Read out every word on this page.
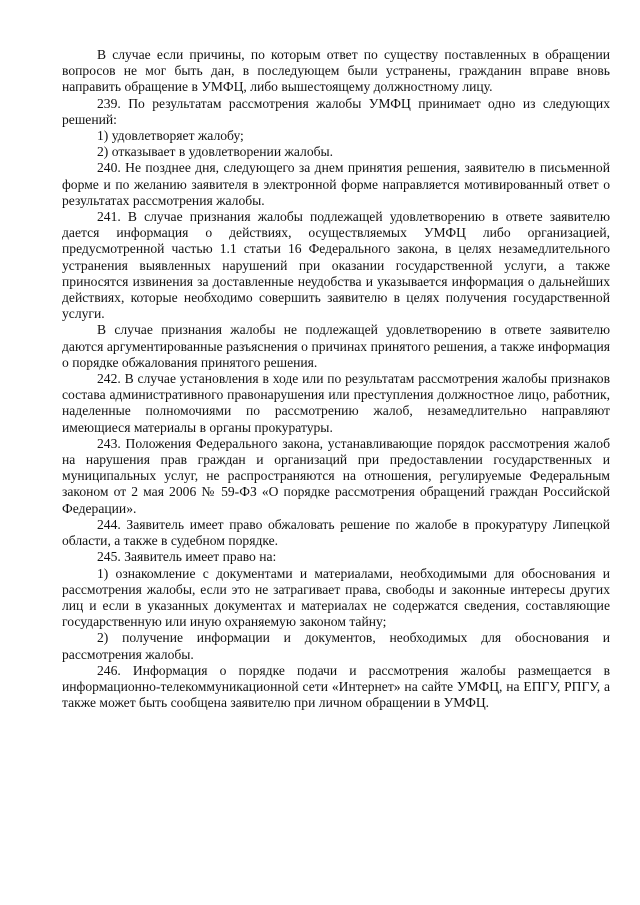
В случае если причины, по которым ответ по существу поставленных в обращении вопросов не мог быть дан, в последующем были устранены, гражданин вправе вновь направить обращение в УМФЦ, либо вышестоящему должностному лицу.

239. По результатам рассмотрения жалобы УМФЦ принимает одно из следующих решений:

1) удовлетворяет жалобу;

2) отказывает в удовлетворении жалобы.

240. Не позднее дня, следующего за днем принятия решения, заявителю в письменной форме и по желанию заявителя в электронной форме направляется мотивированный ответ о результатах рассмотрения жалобы.

241. В случае признания жалобы подлежащей удовлетворению в ответе заявителю дается информация о действиях, осуществляемых УМФЦ либо организацией, предусмотренной частью 1.1 статьи 16 Федерального закона, в целях незамедлительного устранения выявленных нарушений при оказании государственной услуги, а также приносятся извинения за доставленные неудобства и указывается информация о дальнейших действиях, которые необходимо совершить заявителю в целях получения государственной услуги.

В случае признания жалобы не подлежащей удовлетворению в ответе заявителю даются аргументированные разъяснения о причинах принятого решения, а также информация о порядке обжалования принятого решения.

242. В случае установления в ходе или по результатам рассмотрения жалобы признаков состава административного правонарушения или преступления должностное лицо, работник, наделенные полномочиями по рассмотрению жалоб, незамедлительно направляют имеющиеся материалы в органы прокуратуры.

243. Положения Федерального закона, устанавливающие порядок рассмотрения жалоб на нарушения прав граждан и организаций при предоставлении государственных и муниципальных услуг, не распространяются на отношения, регулируемые Федеральным законом от 2 мая 2006 № 59-ФЗ «О порядке рассмотрения обращений граждан Российской Федерации».

244. Заявитель имеет право обжаловать решение по жалобе в прокуратуру Липецкой области, а также в судебном порядке.

245. Заявитель имеет право на:

1) ознакомление с документами и материалами, необходимыми для обоснования и рассмотрения жалобы, если это не затрагивает права, свободы и законные интересы других лиц и если в указанных документах и материалах не содержатся сведения, составляющие государственную или иную охраняемую законом тайну;

2) получение информации и документов, необходимых для обоснования и рассмотрения жалобы.

246. Информация о порядке подачи и рассмотрения жалобы размещается в информационно-телекоммуникационной сети «Интернет» на сайте УМФЦ, на ЕПГУ, РПГУ, а также может быть сообщена заявителю при личном обращении в УМФЦ.
